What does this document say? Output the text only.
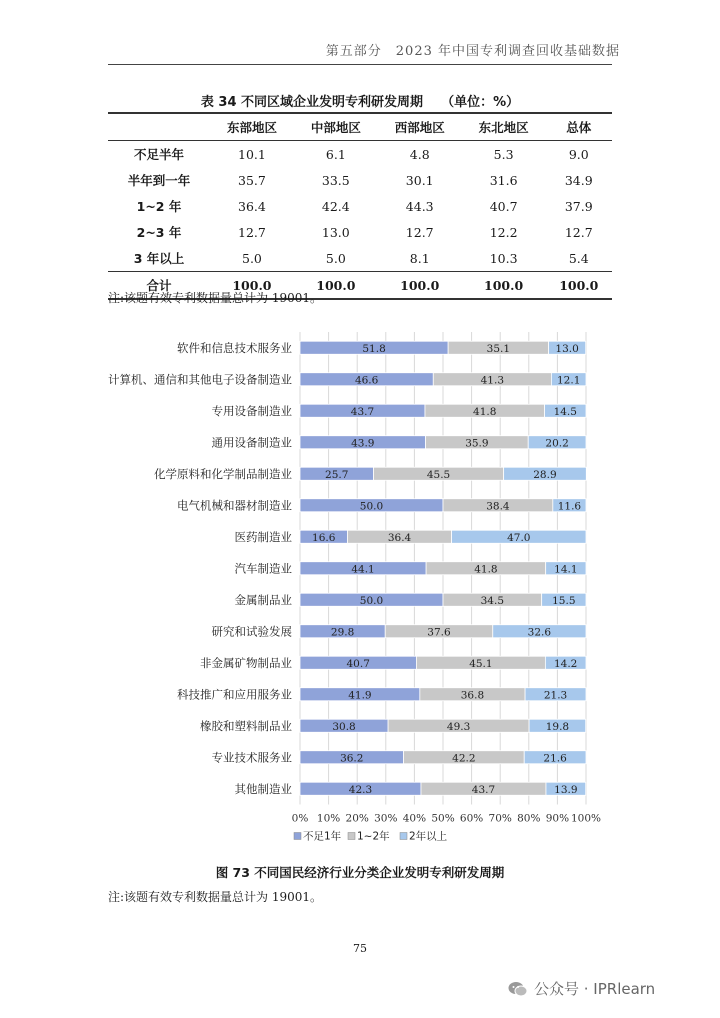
第五部分　2023 年中国专利调查回收基础数据
表 34 不同区域企业发明专利研发周期 （单位：%）
	东部地区	中部地区	西部地区	东北地区	总体
不足半年	10.1	6.1	4.8	5.3	9.0
半年到一年	35.7	33.5	30.1	31.6	34.9
1~2 年	36.4	42.4	44.3	40.7	37.9
2~3 年	12.7	13.0	12.7	12.2	12.7
3 年以上	5.0	5.0	8.1	10.3	5.4
合计	100.0	100.0	100.0	100.0	100.0
注:该题有效专利数据量总计为 19001。
0% 10% 20% 30% 40% 50% 60% 70% 80% 90% 100%
软件和信息技术服务业	51.8	35.1	13.0
计算机、通信和其他电子设备制造业	46.6	41.3	12.1
专用设备制造业	43.7	41.8	14.5
通用设备制造业	43.9	35.9	20.2
化学原料和化学制品制造业	25.7	45.5	28.9
电气机械和器材制造业	50.0	38.4	11.6
医药制造业 16.6	36.4	47.0
汽车制造业	44.1	41.8	14.1
金属制品业	50.0	34.5	15.5
研究和试验发展	29.8	37.6	32.6
非金属矿物制品业	40.7	45.1	14.2
科技推广和应用服务业	41.9	36.8	21.3
橡胶和塑料制品业	30.8	49.3	19.8
专业技术服务业	36.2	42.2	21.6
其他制造业	42.3	43.7	13.9
不足1年 1~2年 2年以上
图 73 不同国民经济行业分类企业发明专利研发周期
注:该题有效专利数据量总计为 19001。
75
公众号 · IPRlearn
